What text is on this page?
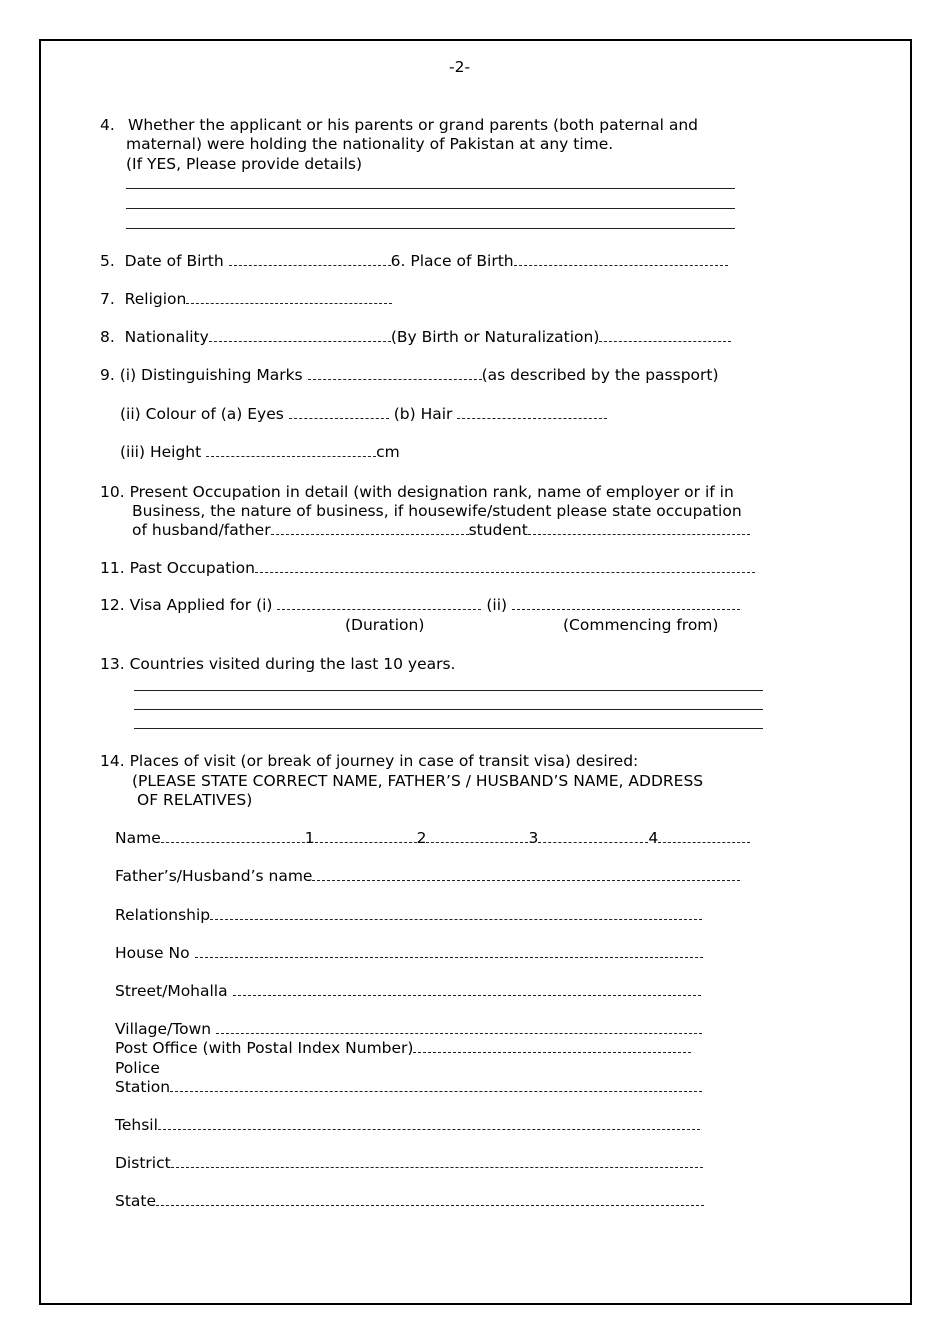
-2-
4. Whether the applicant or his parents or grand parents (both paternal and
maternal) were holding the nationality of Pakistan at any time.
(If YES, Please provide details)
5. Date of Birth	6. Place of Birth
7. Religion
8. Nationality	(By Birth or Naturalization)
9. (i) Distinguishing Marks	(as described by the passport)
(ii) Colour of (a) Eyes	(b) Hair
(iii) Height	cm
10. Present Occupation in detail (with designation rank, name of employer or if in
Business, the nature of business, if housewife/student please state occupation
of husband/father	student
11. Past Occupation
12. Visa Applied for (i)	(ii)
(Duration)	(Commencing from)
13. Countries visited during the last 10 years.
14. Places of visit (or break of journey in case of transit visa) desired:
(PLEASE STATE CORRECT NAME, FATHER’S / HUSBAND’S NAME, ADDRESS
OF RELATIVES)
Name	1	2	3	4
Father’s/Husband’s name
Relationship
House No
Street/Mohalla
Village/Town
Post Office (with Postal Index Number)
Police
Station
Tehsil
District
State
